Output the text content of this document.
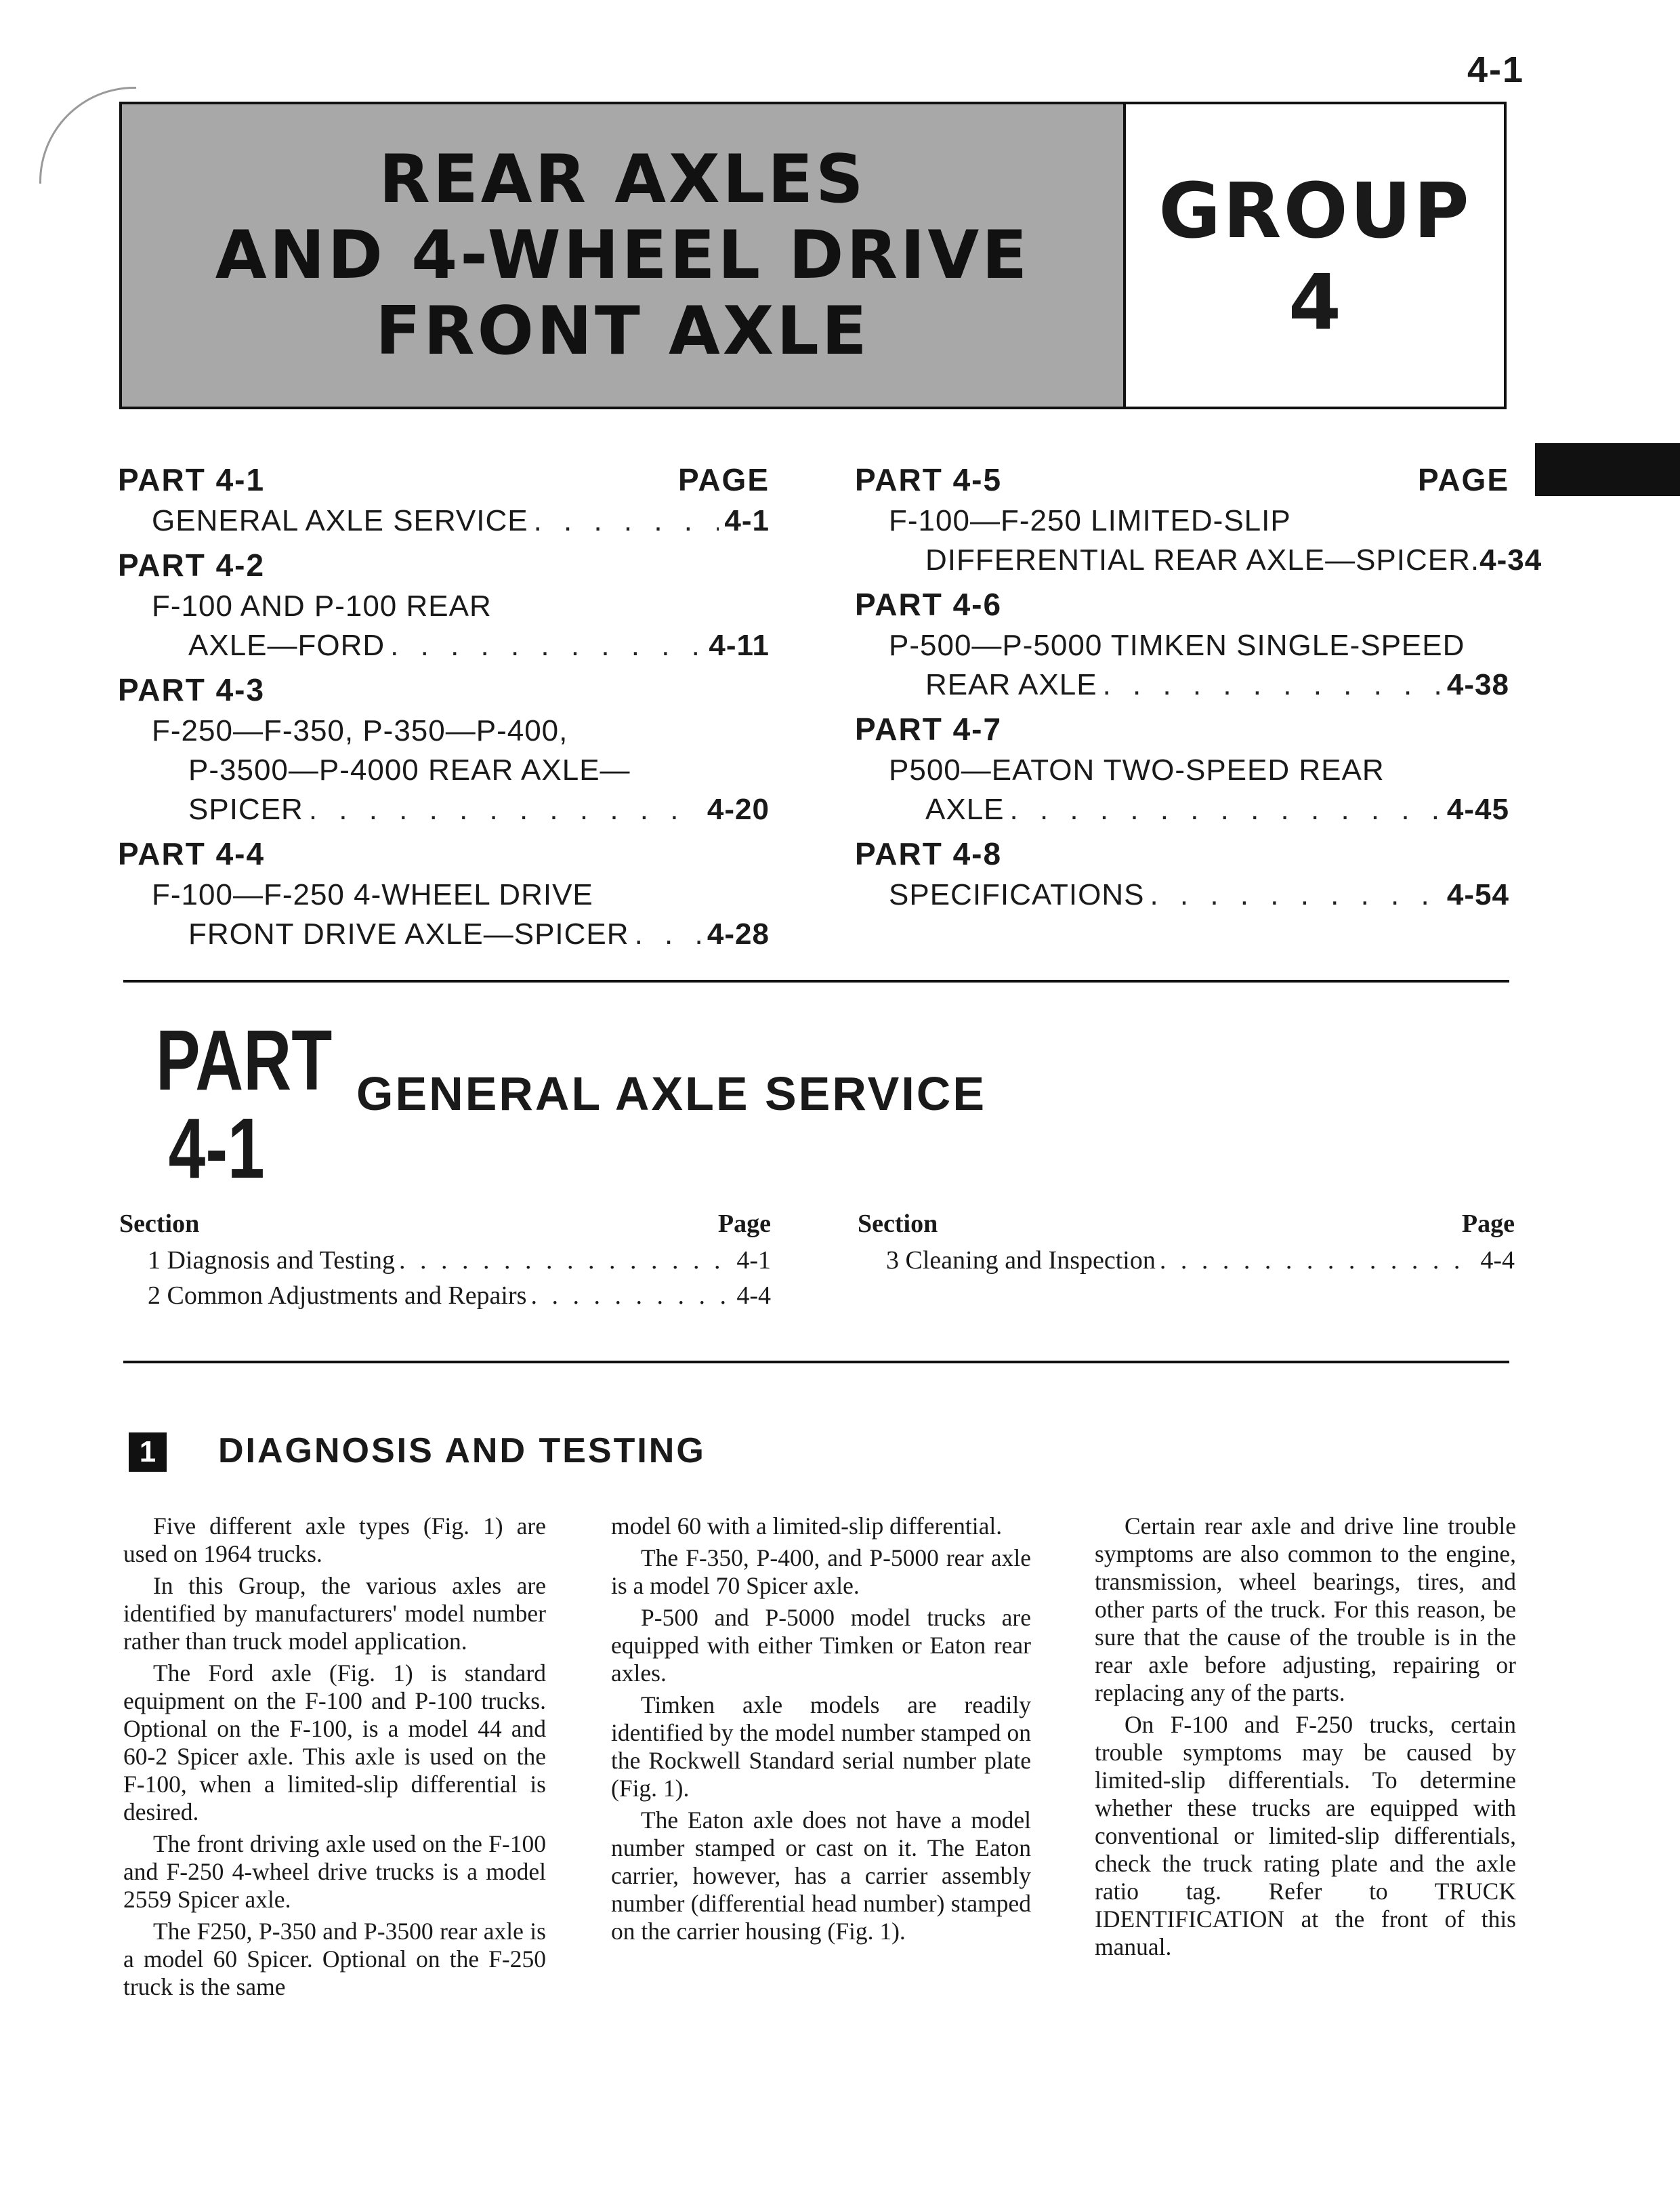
4-1
REAR AXLES
AND 4-WHEEL DRIVE
FRONT AXLE
GROUP
4
PART 4-1	PAGE
GENERAL AXLE SERVICE . . .	4-1
PART 4-2
F-100 AND P-100 REAR
AXLE—FORD . . .	4-11
PART 4-3
F-250—F-350, P-350—P-400,
P-3500—P-4000 REAR AXLE—
SPICER . . .	4-20
PART 4-4
F-100—F-250 4-WHEEL DRIVE
FRONT DRIVE AXLE—SPICER . . .	4-28
PART 4-5	PAGE
F-100—F-250 LIMITED-SLIP
DIFFERENTIAL REAR AXLE—SPICER. 4-34
PART 4-6
P-500—P-5000 TIMKEN SINGLE-SPEED
REAR AXLE . . .	4-38
PART 4-7
P500—EATON TWO-SPEED REAR
AXLE . . .	4-45
PART 4-8
SPECIFICATIONS . . .	4-54
PART
4-1
GENERAL AXLE SERVICE
Section	Page
1 Diagnosis and Testing . . .	4-1
2 Common Adjustments and Repairs . . .	4-4
Section	Page
3 Cleaning and Inspection . . .	4-4
1	DIAGNOSIS AND TESTING

Five different axle types (Fig. 1) are used on 1964 trucks.

In this Group, the various axles are identified by manufacturers' model number rather than truck model application.

The Ford axle (Fig. 1) is standard equipment on the F-100 and P-100 trucks. Optional on the F-100, is a model 44 and 60-2 Spicer axle. This axle is used on the F-100, when a limited-slip differential is desired.

The front driving axle used on the F-100 and F-250 4-wheel drive trucks is a model 2559 Spicer axle.

The F250, P-350 and P-3500 rear axle is a model 60 Spicer. Optional on the F-250 truck is the same

model 60 with a limited-slip differential.

The F-350, P-400, and P-5000 rear axle is a model 70 Spicer axle.

P-500 and P-5000 model trucks are equipped with either Timken or Eaton rear axles.

Timken axle models are readily identified by the model number stamped on the Rockwell Standard serial number plate (Fig. 1).

The Eaton axle does not have a model number stamped or cast on it. The Eaton carrier, however, has a carrier assembly number (differential head number) stamped on the carrier housing (Fig. 1).

Certain rear axle and drive line trouble symptoms are also common to the engine, transmission, wheel bearings, tires, and other parts of the truck. For this reason, be sure that the cause of the trouble is in the rear axle before adjusting, repairing or replacing any of the parts.

On F-100 and F-250 trucks, certain trouble symptoms may be caused by limited-slip differentials. To determine whether these trucks are equipped with conventional or limited-slip differentials, check the truck rating plate and the axle ratio tag. Refer to TRUCK IDENTIFICATION at the front of this manual.
